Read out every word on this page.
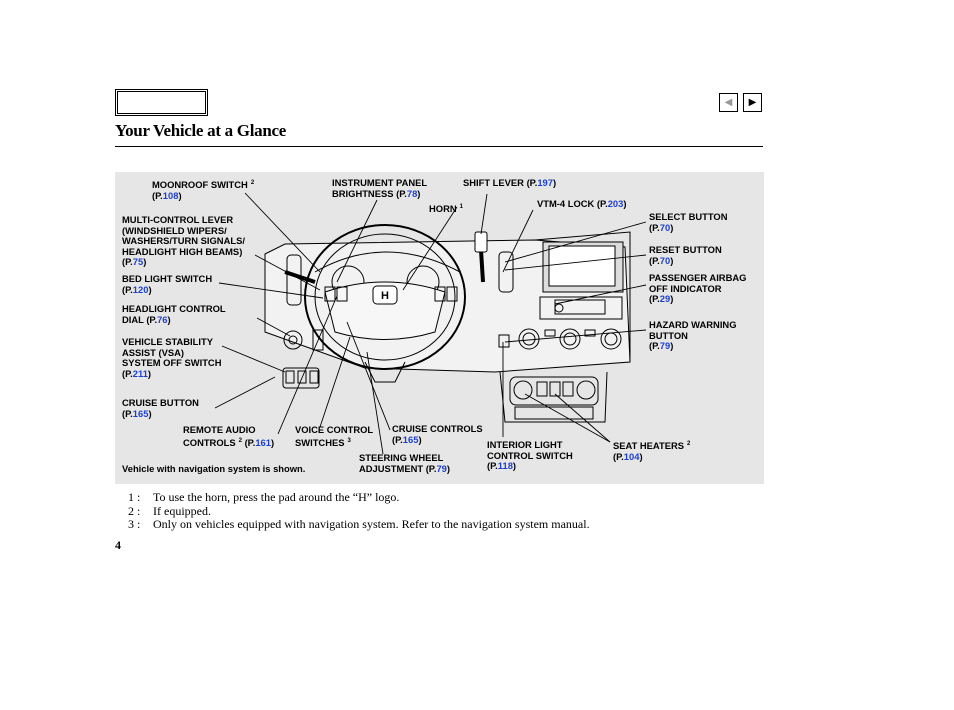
◀ ▶
Your Vehicle at a Glance
H
MOONROOF SWITCH $^2$
(P.108)
INSTRUMENT PANEL
BRIGHTNESS (P.78)
SHIFT LEVER (P.197)
HORN $^1$	VTM-4 LOCK (P.203)
MULTI-CONTROL LEVER
(WINDSHIELD WIPERS/
WASHERS/TURN SIGNALS/
HEADLIGHT HIGH BEAMS)
(P.75)
SELECT BUTTON
(P.70)
RESET BUTTON
(P.70)
BED LIGHT SWITCH
(P.120)
PASSENGER AIRBAG
OFF INDICATOR
(P.29)
HEADLIGHT CONTROL
DIAL (P.76)	HAZARD WARNING
BUTTON
(P.79)
VEHICLE STABILITY
ASSIST (VSA)
SYSTEM OFF SWITCH
(P.211)
CRUISE BUTTON
(P.165)
REMOTE AUDIO
CONTROLS $^2$ (P.161)
VOICE CONTROL
SWITCHES $^3$
CRUISE CONTROLS
(P.165)	INTERIOR LIGHT
CONTROL SWITCH
(P.118)
SEAT HEATERS $^2$
(P.104)
STEERING WHEEL
ADJUSTMENT (P.79)
Vehicle with navigation system is shown.
1 :	To use the horn, press the pad around the “H” logo.
2 :	If equipped.
3 :	Only on vehicles equipped with navigation system. Refer to the navigation system manual.
4
